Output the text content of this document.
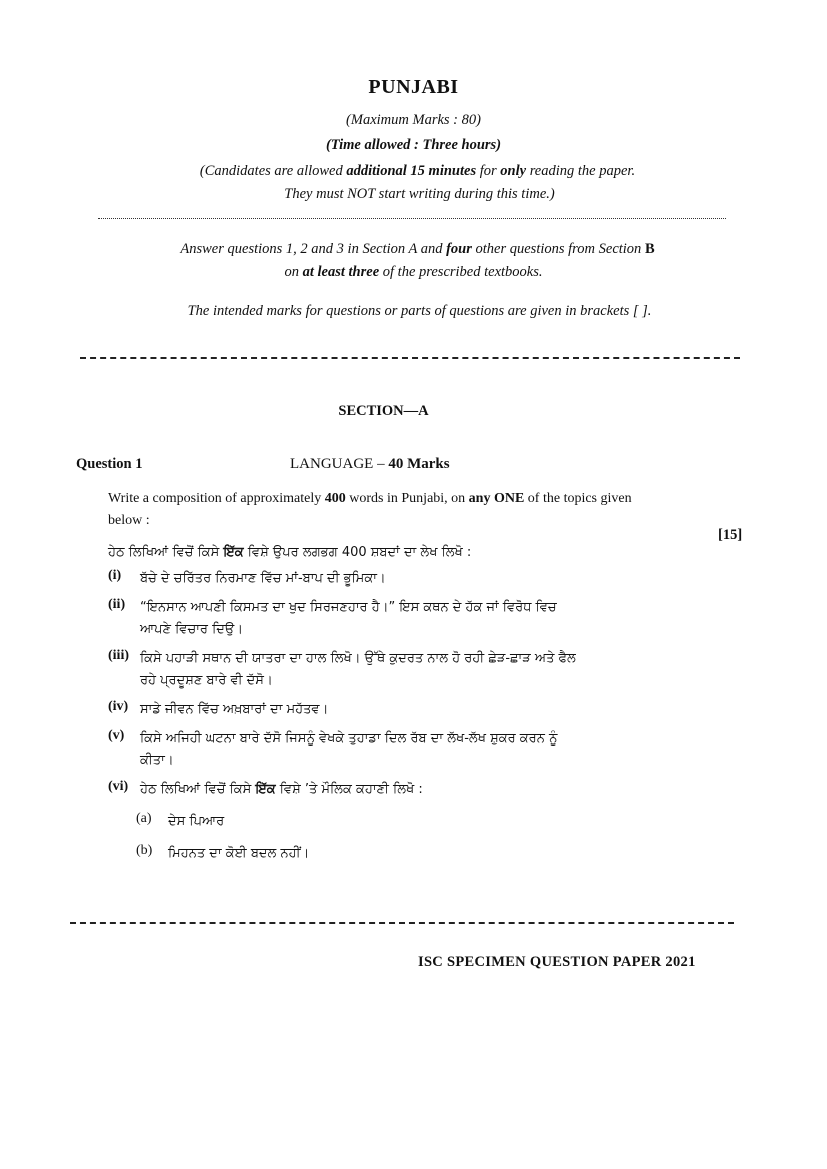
PUNJABI
(Maximum Marks : 80)
(Time allowed : Three hours)
(Candidates are allowed additional 15 minutes for only reading the paper.
They must NOT start writing during this time.)
Answer questions 1, 2 and 3 in Section A and four other questions from Section B
on at least three of the prescribed textbooks.
The intended marks for questions or parts of questions are given in brackets [ ].
SECTION—A
Question 1	LANGUAGE – 40 Marks
Write a composition of approximately 400 words in Punjabi, on any ONE of the topics given
below :
[15]
ਹੇਠ ਲਿਖਿਆਂ ਵਿਚੋਂ ਕਿਸੇ ਇੱਕ ਵਿਸ਼ੇ ਉਪਰ ਲਗਭਗ 400 ਸ਼ਬਦਾਂ ਦਾ ਲੇਖ ਲਿਖੋ :
(i)	ਬੱਚੇ ਦੇ ਚਰਿੱਤਰ ਨਿਰਮਾਣ ਵਿੱਚ ਮਾਂ-ਬਾਪ ਦੀ ਭੂਮਿਕਾ।
(ii)	“ਇਨਸਾਨ ਆਪਣੀ ਕਿਸਮਤ ਦਾ ਖੁਦ ਸਿਰਜਣਹਾਰ ਹੈ।” ਇਸ ਕਥਨ ਦੇ ਹੱਕ ਜਾਂ ਵਿਰੋਧ ਵਿਚ
ਆਪਣੇ ਵਿਚਾਰ ਦਿਉ।
(iii) ਕਿਸੇ ਪਹਾੜੀ ਸਥਾਨ ਦੀ ਯਾਤਰਾ ਦਾ ਹਾਲ ਲਿਖੋ। ਉੱਥੇ ਕੁਦਰਤ ਨਾਲ ਹੋ ਰਹੀ ਛੇੜ-ਛਾੜ ਅਤੇ ਫੈਲ
ਰਹੇ ਪ੍ਰਦੂਸ਼ਣ ਬਾਰੇ ਵੀ ਦੱਸੋ।
(iv) ਸਾਡੇ ਜੀਵਨ ਵਿੱਚ ਅਖ਼ਬਾਰਾਂ ਦਾ ਮਹੱਤਵ।
(v)	ਕਿਸੇ ਅਜਿਹੀ ਘਟਨਾ ਬਾਰੇ ਦੱਸੋ ਜਿਸਨੂੰ ਵੇਖਕੇ ਤੁਹਾਡਾ ਦਿਲ ਰੱਬ ਦਾ ਲੱਖ-ਲੱਖ ਸ਼ੁਕਰ ਕਰਨ ਨੂੰ
ਕੀਤਾ।
(vi) ਹੇਠ ਲਿਖਿਆਂ ਵਿਚੋਂ ਕਿਸੇ ਇੱਕ ਵਿਸ਼ੇ ’ਤੇ ਮੌਲਿਕ ਕਹਾਣੀ ਲਿਖੋ :
(a)	ਦੇਸ ਪਿਆਰ
(b)	ਮਿਹਨਤ ਦਾ ਕੋਈ ਬਦਲ ਨਹੀਂ।
ISC SPECIMEN QUESTION PAPER 2021
